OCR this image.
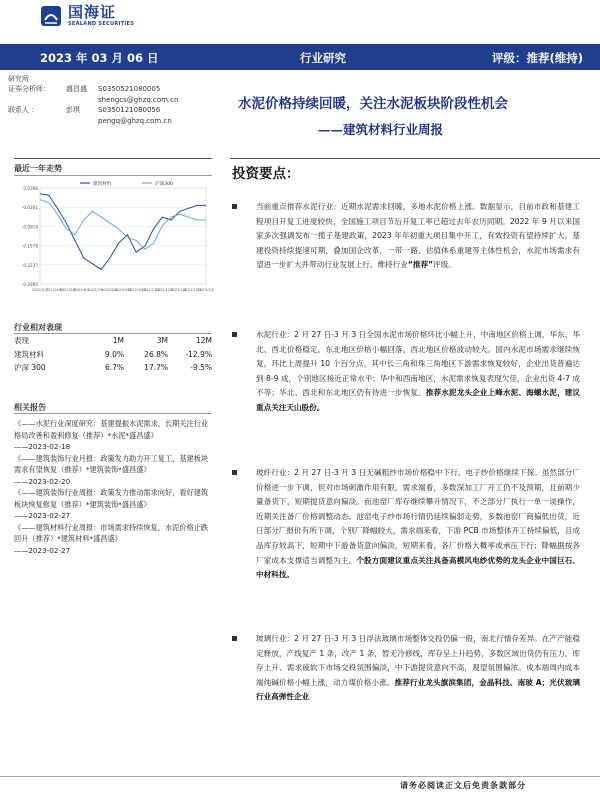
国海证
SEALAND SECURITIES
2023 年 03 月 06 日	行业研究	评级：推荐(维持)
研究所
证券分析师：	盛昌盛	S0350521080005
shengcs@ghzq.com.cn
联系人 ：	彭琪	S0350121080056
pengq@ghzq.com.cn
水泥价格持续回暖，关注水泥板块阶段性机会
——建筑材料行业周报
最近一年走势
0.0398
-0.0261
-0.0919
-0.1578
-0.2237
-0.2895
2022/3/7
2022/4/6
2022/5/6
2022/6/5
2022/7/5
2022/8/4
2022/9/3
2022/10/3
2022/11/2
2022/12/2
2023/1/1
2023/1/31
2023/3/2
建筑材料	沪深300
行业相对表现
表现	1M	3M	12M
建筑材料	9.0%	26.8%	-12.9%
沪深 300	6.7%	17.7%	-9.5%
相关报告
《——水泥行业深度研究：基建提振水泥需求，长期关注行业格局改善和盈利修复（推荐）*水泥*盛昌盛》
——2023-02-18
《——建筑装饰行业月报：政策发力助力开工复工，基建板块需求有望恢复（推荐）*建筑装饰*盛昌盛》
——2023-02-20
《——建筑装饰行业周报：政策发力推动需求向好，看好建筑板块恢复修复（推荐）*建筑装饰*盛昌盛》
——2023-02-27
《——建筑材料行业周报：市场需求持续恢复，水泥价格止跌回升（推荐）*建筑材料*盛昌盛》
——2023-02-27
投资要点：
当前重点推荐水泥行业：近期水泥需求回暖，多地水泥价格上涨。数据显示，目前市政和基建工程项目开复工进度较快，全国施工项目节后开复工率已超过去年农历同期。2022 年 9 月以来国家多次强调发布一揽子基建政策，2023 年年初重大项目集中开工，有效投资有望持续扩大，基建投资持续提速可期，叠加国企改革，一带一路、估值体系重建等主体性机会，水泥市场需求有望进一步扩大并带动行业发展上行，维持行业“推荐”评级。
水泥行业：2 月 27 日-3 月 3 日全国水泥市场价格环比小幅上升，中南地区价格上调，华东、华北、西北价格稳定，东北地区价格小幅回落，西北地区价格波动较大。国内水泥市场需求继续恢复，环比上周提升 10 个百分点，其中长三角和珠三角地区下游需求恢复较好，企业出货普遍达到 8-9 成，个别地区接近正常水平；华中和西南地区，水泥需求恢复表现欠佳，企业出货 4-7 成不等；华北、西北和东北地区仍有待进一步恢复。推荐水泥龙头企业上峰水泥、海螺水泥，建议重点关注天山股份。
玻纤行业：2 月 27 日-3 月 3 日无碱粗纱市场价格稳中下行，电子纱价格继续下探。虽然部分厂价格进一步下调，但对市场刺激作用有限，需求端看，多数深加工厂开工仍不及预期，且前期少量备货下，短期提货意向偏淡。而池窑厂库存继续攀升情况下，不乏部分厂执行一单一谈操作，近期关注备厂价格调整动态。池窑电子纱市场行情仍延续偏弱走势，多数池窑厂商偏低出货，近日部分厂报价有所下调，个别厂降幅较大，需求端来看，下游 PCB 市场整体开工持续偏低，且成品库存较高下，短期中下游备货意向偏淡，短期来看，各厂价格大概率或承压下行；降幅据按各厂家成本支撑适当调整为主。个股方面建议重点关注具备高模风电纱优势的龙头企业中国巨石、中材科技。
玻璃行业：2 月 27 日-3 月 3 日浮法玻璃市场整体交投仍偏一般，南北行情存差异。在产产能稳定释放，产线复产 1 条，改产 1 条，暂无冷修线，库存呈上升趋势，多数区域出货仍有压力，库存上升、需求疲软下市场交投氛围偏淡，中下游提货意向不高，观望氛围偏浓。成本端周内成本端纯碱价格小幅上涨，动力煤价格小涨。推荐行业龙头旗滨集团，金晶科技、南玻 A；光伏玻璃行业高弹性企业
请务必阅读正文后免责条款部分
